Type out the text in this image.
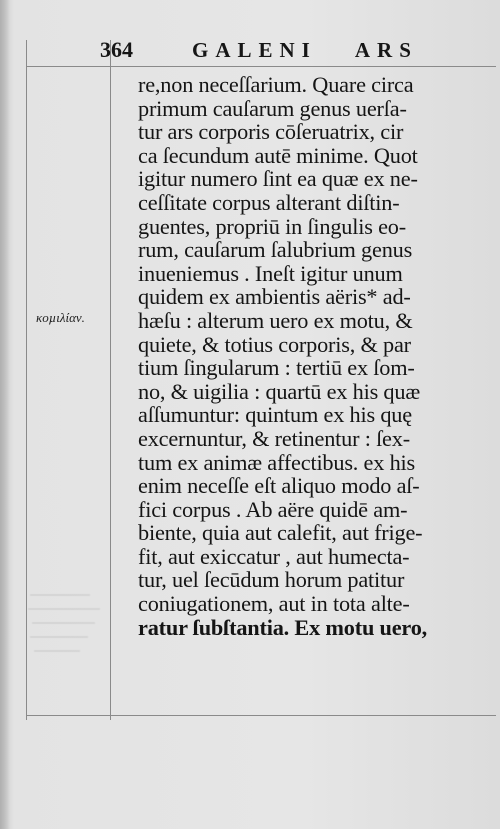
364	GALENI ARS
κοµιλίαν.
re,non neceſſarium. Quare circa
primum cauſarum genus uerſa-
tur ars corporis cōſeruatrix, cir
ca ſecundum autē minime. Quot
igitur numero ſint ea quæ ex ne-
ceſſitate corpus alterant diſtin-
guentes, propriū in ſingulis eo-
rum, cauſarum ſalubrium genus
inueniemus . Ineſt igitur unum
quidem ex ambientis aëris* ad-
hæſu : alterum uero ex motu, &
quiete, & totius corporis, & par
tium ſingularum : tertiū ex ſom-
no, & uigilia : quartū ex his quæ
aſſumuntur: quintum ex his quę
excernuntur, & retinentur : ſex-
tum ex animæ affectibus. ex his
enim neceſſe eſt aliquo modo aſ-
fici corpus . Ab aëre quidē am-
biente, quia aut calefit, aut frige-
fit, aut exiccatur , aut humecta-
tur, uel ſecūdum horum patitur
coniugationem, aut in tota alte-
ratur ſubſtantia. Ex motu uero,
